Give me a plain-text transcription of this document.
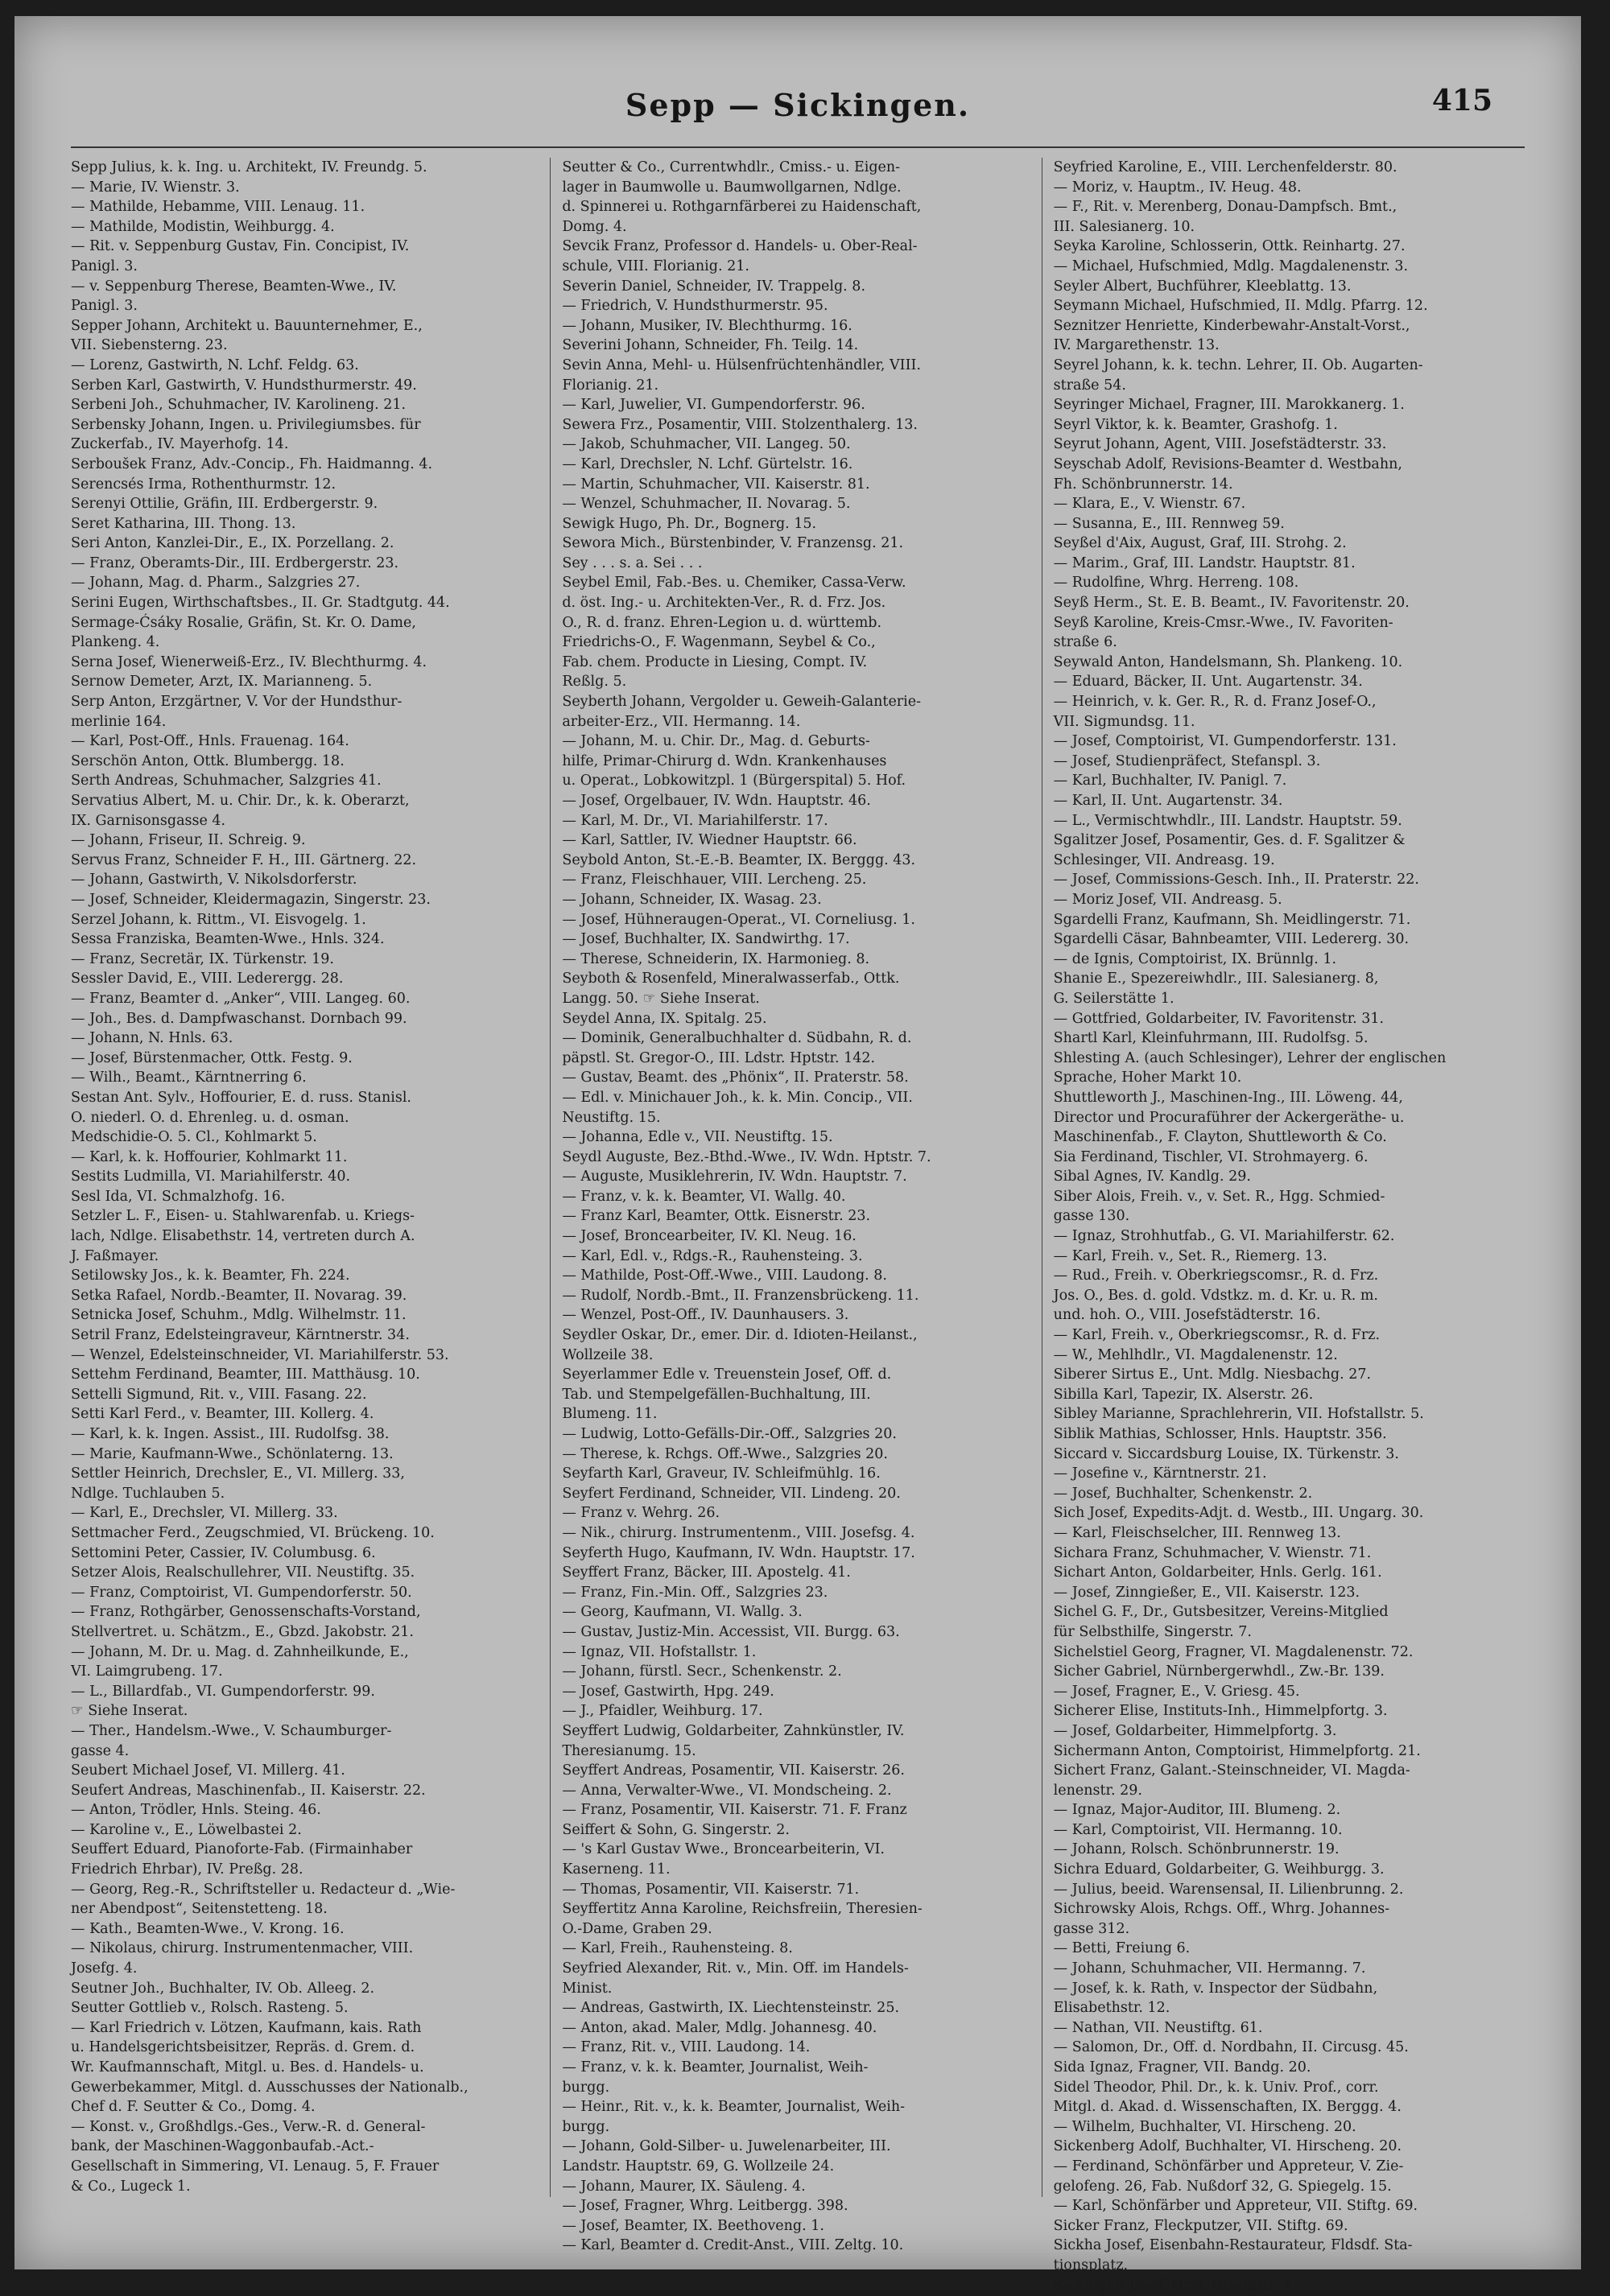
Sepp — Sickingen.	415
Sepp Julius, k. k. Ing. u. Architekt, IV. Freundg. 5.
— Marie, IV. Wienstr. 3.
— Mathilde, Hebamme, VIII. Lenaug. 11.
— Mathilde, Modistin, Weihburgg. 4.
— Rit. v. Seppenburg Gustav, Fin. Concipist, IV.
Panigl. 3.
— v. Seppenburg Therese, Beamten-Wwe., IV.
Panigl. 3.
Sepper Johann, Architekt u. Bauunternehmer, E.,
VII. Siebensterng. 23.
— Lorenz, Gastwirth, N. Lchf. Feldg. 63.
Serben Karl, Gastwirth, V. Hundsthurmerstr. 49.
Serbeni Joh., Schuhmacher, IV. Karolineng. 21.
Serbensky Johann, Ingen. u. Privilegiumsbes. für
Zuckerfab., IV. Mayerhofg. 14.
Serboušek Franz, Adv.-Concip., Fh. Haidmanng. 4.
Serencsés Irma, Rothenthurmstr. 12.
Serenyi Ottilie, Gräfin, III. Erdbergerstr. 9.
Seret Katharina, III. Thong. 13.
Seri Anton, Kanzlei-Dir., E., IX. Porzellang. 2.
— Franz, Oberamts-Dir., III. Erdbergerstr. 23.
— Johann, Mag. d. Pharm., Salzgries 27.
Serini Eugen, Wirthschaftsbes., II. Gr. Stadtgutg. 44.
Sermage-Ćsáky Rosalie, Gräfin, St. Kr. O. Dame,
Plankeng. 4.
Serna Josef, Wienerweiß-Erz., IV. Blechthurmg. 4.
Sernow Demeter, Arzt, IX. Marianneng. 5.
Serp Anton, Erzgärtner, V. Vor der Hundsthur-
merlinie 164.
— Karl, Post-Off., Hnls. Frauenag. 164.
Serschön Anton, Ottk. Blumbergg. 18.
Serth Andreas, Schuhmacher, Salzgries 41.
Servatius Albert, M. u. Chir. Dr., k. k. Oberarzt,
IX. Garnisonsgasse 4.
— Johann, Friseur, II. Schreig. 9.
Servus Franz, Schneider F. H., III. Gärtnerg. 22.
— Johann, Gastwirth, V. Nikolsdorferstr.
— Josef, Schneider, Kleidermagazin, Singerstr. 23.
Serzel Johann, k. Rittm., VI. Eisvogelg. 1.
Sessa Franziska, Beamten-Wwe., Hnls. 324.
— Franz, Secretär, IX. Türkenstr. 19.
Sessler David, E., VIII. Lederergg. 28.
— Franz, Beamter d. „Anker“, VIII. Langeg. 60.
— Joh., Bes. d. Dampfwaschanst. Dornbach 99.
— Johann, N. Hnls. 63.
— Josef, Bürstenmacher, Ottk. Festg. 9.
— Wilh., Beamt., Kärntnerring 6.
Sestan Ant. Sylv., Hoffourier, E. d. russ. Stanisl.
O. niederl. O. d. Ehrenleg. u. d. osman.
Medschidie-O. 5. Cl., Kohlmarkt 5.
— Karl, k. k. Hoffourier, Kohlmarkt 11.
Sestits Ludmilla, VI. Mariahilferstr. 40.
Sesl Ida, VI. Schmalzhofg. 16.
Setzler L. F., Eisen- u. Stahlwarenfab. u. Kriegs-
lach, Ndlge. Elisabethstr. 14, vertreten durch A.
J. Faßmayer.
Setilowsky Jos., k. k. Beamter, Fh. 224.
Setka Rafael, Nordb.-Beamter, II. Novarag. 39.
Setnicka Josef, Schuhm., Mdlg. Wilhelmstr. 11.
Setril Franz, Edelsteingraveur, Kärntnerstr. 34.
— Wenzel, Edelsteinschneider, VI. Mariahilferstr. 53.
Settehm Ferdinand, Beamter, III. Matthäusg. 10.
Settelli Sigmund, Rit. v., VIII. Fasang. 22.
Setti Karl Ferd., v. Beamter, III. Kollerg. 4.
— Karl, k. k. Ingen. Assist., III. Rudolfsg. 38.
— Marie, Kaufmann-Wwe., Schönlaterng. 13.
Settler Heinrich, Drechsler, E., VI. Millerg. 33,
Ndlge. Tuchlauben 5.
— Karl, E., Drechsler, VI. Millerg. 33.
Settmacher Ferd., Zeugschmied, VI. Brückeng. 10.
Settomini Peter, Cassier, IV. Columbusg. 6.
Setzer Alois, Realschullehrer, VII. Neustiftg. 35.
— Franz, Comptoirist, VI. Gumpendorferstr. 50.
— Franz, Rothgärber, Genossenschafts-Vorstand,
Stellvertret. u. Schätzm., E., Gbzd. Jakobstr. 21.
— Johann, M. Dr. u. Mag. d. Zahnheilkunde, E.,
VI. Laimgrubeng. 17.
— L., Billardfab., VI. Gumpendorferstr. 99.
☞ Siehe Inserat.
— Ther., Handelsm.-Wwe., V. Schaumburger-
gasse 4.
Seubert Michael Josef, VI. Millerg. 41.
Seufert Andreas, Maschinenfab., II. Kaiserstr. 22.
— Anton, Trödler, Hnls. Steing. 46.
— Karoline v., E., Löwelbastei 2.
Seuffert Eduard, Pianoforte-Fab. (Firmainhaber
Friedrich Ehrbar), IV. Preßg. 28.
— Georg, Reg.-R., Schriftsteller u. Redacteur d. „Wie-
ner Abendpost“, Seitenstetteng. 18.
— Kath., Beamten-Wwe., V. Krong. 16.
— Nikolaus, chirurg. Instrumentenmacher, VIII.
Josefg. 4.
Seutner Joh., Buchhalter, IV. Ob. Alleeg. 2.
Seutter Gottlieb v., Rolsch. Rasteng. 5.
— Karl Friedrich v. Lötzen, Kaufmann, kais. Rath
u. Handelsgerichtsbeisitzer, Repräs. d. Grem. d.
Wr. Kaufmannschaft, Mitgl. u. Bes. d. Handels- u.
Gewerbekammer, Mitgl. d. Ausschusses der Nationalb.,
Chef d. F. Seutter & Co., Domg. 4.
— Konst. v., Großhdlgs.-Ges., Verw.-R. d. General-
bank, der Maschinen-Waggonbaufab.-Act.-
Gesellschaft in Simmering, VI. Lenaug. 5, F. Frauer
& Co., Lugeck 1.
Seutter & Co., Currentwhdlr., Cmiss.- u. Eigen-
lager in Baumwolle u. Baumwollgarnen, Ndlge.
d. Spinnerei u. Rothgarnfärberei zu Haidenschaft,
Domg. 4.
Sevcik Franz, Professor d. Handels- u. Ober-Real-
schule, VIII. Florianig. 21.
Severin Daniel, Schneider, IV. Trappelg. 8.
— Friedrich, V. Hundsthurmerstr. 95.
— Johann, Musiker, IV. Blechthurmg. 16.
Severini Johann, Schneider, Fh. Teilg. 14.
Sevin Anna, Mehl- u. Hülsenfrüchtenhändler, VIII.
Florianig. 21.
— Karl, Juwelier, VI. Gumpendorferstr. 96.
Sewera Frz., Posamentir, VIII. Stolzenthalerg. 13.
— Jakob, Schuhmacher, VII. Langeg. 50.
— Karl, Drechsler, N. Lchf. Gürtelstr. 16.
— Martin, Schuhmacher, VII. Kaiserstr. 81.
— Wenzel, Schuhmacher, II. Novarag. 5.
Sewigk Hugo, Ph. Dr., Bognerg. 15.
Sewora Mich., Bürstenbinder, V. Franzensg. 21.
Sey . . . s. a. Sei . . .
Seybel Emil, Fab.-Bes. u. Chemiker, Cassa-Verw.
d. öst. Ing.- u. Architekten-Ver., R. d. Frz. Jos.
O., R. d. franz. Ehren-Legion u. d. württemb.
Friedrichs-O., F. Wagenmann, Seybel & Co.,
Fab. chem. Producte in Liesing, Compt. IV.
Reßlg. 5.
Seyberth Johann, Vergolder u. Geweih-Galanterie-
arbeiter-Erz., VII. Hermanng. 14.
— Johann, M. u. Chir. Dr., Mag. d. Geburts-
hilfe, Primar-Chirurg d. Wdn. Krankenhauses
u. Operat., Lobkowitzpl. 1 (Bürgerspital) 5. Hof.
— Josef, Orgelbauer, IV. Wdn. Hauptstr. 46.
— Karl, M. Dr., VI. Mariahilferstr. 17.
— Karl, Sattler, IV. Wiedner Hauptstr. 66.
Seybold Anton, St.-E.-B. Beamter, IX. Berggg. 43.
— Franz, Fleischhauer, VIII. Lercheng. 25.
— Johann, Schneider, IX. Wasag. 23.
— Josef, Hühneraugen-Operat., VI. Corneliusg. 1.
— Josef, Buchhalter, IX. Sandwirthg. 17.
— Therese, Schneiderin, IX. Harmonieg. 8.
Seyboth & Rosenfeld, Mineralwasserfab., Ottk.
Langg. 50. ☞ Siehe Inserat.
Seydel Anna, IX. Spitalg. 25.
— Dominik, Generalbuchhalter d. Südbahn, R. d.
päpstl. St. Gregor-O., III. Ldstr. Hptstr. 142.
— Gustav, Beamt. des „Phönix“, II. Praterstr. 58.
— Edl. v. Minichauer Joh., k. k. Min. Concip., VII.
Neustiftg. 15.
— Johanna, Edle v., VII. Neustiftg. 15.
Seydl Auguste, Bez.-Bthd.-Wwe., IV. Wdn. Hptstr. 7.
— Auguste, Musiklehrerin, IV. Wdn. Hauptstr. 7.
— Franz, v. k. k. Beamter, VI. Wallg. 40.
— Franz Karl, Beamter, Ottk. Eisnerstr. 23.
— Josef, Broncearbeiter, IV. Kl. Neug. 16.
— Karl, Edl. v., Rdgs.-R., Rauhensteing. 3.
— Mathilde, Post-Off.-Wwe., VIII. Laudong. 8.
— Rudolf, Nordb.-Bmt., II. Franzensbrückeng. 11.
— Wenzel, Post-Off., IV. Daunhausers. 3.
Seydler Oskar, Dr., emer. Dir. d. Idioten-Heilanst.,
Wollzeile 38.
Seyerlammer Edle v. Treuenstein Josef, Off. d.
Tab. und Stempelgefällen-Buchhaltung, III.
Blumeng. 11.
— Ludwig, Lotto-Gefälls-Dir.-Off., Salzgries 20.
— Therese, k. Rchgs. Off.-Wwe., Salzgries 20.
Seyfarth Karl, Graveur, IV. Schleifmühlg. 16.
Seyfert Ferdinand, Schneider, VII. Lindeng. 20.
— Franz v. Wehrg. 26.
— Nik., chirurg. Instrumentenm., VIII. Josefsg. 4.
Seyferth Hugo, Kaufmann, IV. Wdn. Hauptstr. 17.
Seyffert Franz, Bäcker, III. Apostelg. 41.
— Franz, Fin.-Min. Off., Salzgries 23.
— Georg, Kaufmann, VI. Wallg. 3.
— Gustav, Justiz-Min. Accessist, VII. Burgg. 63.
— Ignaz, VII. Hofstallstr. 1.
— Johann, fürstl. Secr., Schenkenstr. 2.
— Josef, Gastwirth, Hpg. 249.
— J., Pfaidler, Weihburg. 17.
Seyffert Ludwig, Goldarbeiter, Zahnkünstler, IV.
Theresianumg. 15.
Seyffert Andreas, Posamentir, VII. Kaiserstr. 26.
— Anna, Verwalter-Wwe., VI. Mondscheing. 2.
— Franz, Posamentir, VII. Kaiserstr. 71. F. Franz
Seiffert & Sohn, G. Singerstr. 2.
— 's Karl Gustav Wwe., Broncearbeiterin, VI.
Kaserneng. 11.
— Thomas, Posamentir, VII. Kaiserstr. 71.
Seyffertitz Anna Karoline, Reichsfreiin, Theresien-
O.-Dame, Graben 29.
— Karl, Freih., Rauhensteing. 8.
Seyfried Alexander, Rit. v., Min. Off. im Handels-
Minist.
— Andreas, Gastwirth, IX. Liechtensteinstr. 25.
— Anton, akad. Maler, Mdlg. Johannesg. 40.
— Franz, Rit. v., VIII. Laudong. 14.
— Franz, v. k. k. Beamter, Journalist, Weih-
burgg.
— Heinr., Rit. v., k. k. Beamter, Journalist, Weih-
burgg.
— Johann, Gold-Silber- u. Juwelenarbeiter, III.
Landstr. Hauptstr. 69, G. Wollzeile 24.
— Johann, Maurer, IX. Säuleng. 4.
— Josef, Fragner, Whrg. Leitbergg. 398.
— Josef, Beamter, IX. Beethoveng. 1.
— Karl, Beamter d. Credit-Anst., VIII. Zeltg. 10.
Seyfried Karoline, E., VIII. Lerchenfelderstr. 80.
— Moriz, v. Hauptm., IV. Heug. 48.
— F., Rit. v. Merenberg, Donau-Dampfsch. Bmt.,
III. Salesianerg. 10.
Seyka Karoline, Schlosserin, Ottk. Reinhartg. 27.
— Michael, Hufschmied, Mdlg. Magdalenenstr. 3.
Seyler Albert, Buchführer, Kleeblattg. 13.
Seymann Michael, Hufschmied, II. Mdlg. Pfarrg. 12.
Seznitzer Henriette, Kinderbewahr-Anstalt-Vorst.,
IV. Margarethenstr. 13.
Seyrel Johann, k. k. techn. Lehrer, II. Ob. Augarten-
straße 54.
Seyringer Michael, Fragner, III. Marokkanerg. 1.
Seyrl Viktor, k. k. Beamter, Grashofg. 1.
Seyrut Johann, Agent, VIII. Josefstädterstr. 33.
Seyschab Adolf, Revisions-Beamter d. Westbahn,
Fh. Schönbrunnerstr. 14.
— Klara, E., V. Wienstr. 67.
— Susanna, E., III. Rennweg 59.
Seyßel d'Aix, August, Graf, III. Strohg. 2.
— Marim., Graf, III. Landstr. Hauptstr. 81.
— Rudolfine, Whrg. Herreng. 108.
Seyß Herm., St. E. B. Beamt., IV. Favoritenstr. 20.
Seyß Karoline, Kreis-Cmsr.-Wwe., IV. Favoriten-
straße 6.
Seywald Anton, Handelsmann, Sh. Plankeng. 10.
— Eduard, Bäcker, II. Unt. Augartenstr. 34.
— Heinrich, v. k. Ger. R., R. d. Franz Josef-O.,
VII. Sigmundsg. 11.
— Josef, Comptoirist, VI. Gumpendorferstr. 131.
— Josef, Studienpräfect, Stefanspl. 3.
— Karl, Buchhalter, IV. Panigl. 7.
— Karl, II. Unt. Augartenstr. 34.
— L., Vermischtwhdlr., III. Landstr. Hauptstr. 59.
Sgalitzer Josef, Posamentir, Ges. d. F. Sgalitzer &
Schlesinger, VII. Andreasg. 19.
— Josef, Commissions-Gesch. Inh., II. Praterstr. 22.
— Moriz Josef, VII. Andreasg. 5.
Sgardelli Franz, Kaufmann, Sh. Meidlingerstr. 71.
Sgardelli Cäsar, Bahnbeamter, VIII. Ledererg. 30.
— de Ignis, Comptoirist, IX. Brünnlg. 1.
Shanie E., Spezereiwhdlr., III. Salesianerg. 8,
G. Seilerstätte 1.
— Gottfried, Goldarbeiter, IV. Favoritenstr. 31.
Shartl Karl, Kleinfuhrmann, III. Rudolfsg. 5.
Shlesting A. (auch Schlesinger), Lehrer der englischen
Sprache, Hoher Markt 10.
Shuttleworth J., Maschinen-Ing., III. Löweng. 44,
Director und Procuraführer der Ackergeräthe- u.
Maschinenfab., F. Clayton, Shuttleworth & Co.
Sia Ferdinand, Tischler, VI. Strohmayerg. 6.
Sibal Agnes, IV. Kandlg. 29.
Siber Alois, Freih. v., v. Set. R., Hgg. Schmied-
gasse 130.
— Ignaz, Strohhutfab., G. VI. Mariahilferstr. 62.
— Karl, Freih. v., Set. R., Riemerg. 13.
— Rud., Freih. v. Oberkriegscomsr., R. d. Frz.
Jos. O., Bes. d. gold. Vdstkz. m. d. Kr. u. R. m.
und. hoh. O., VIII. Josefstädterstr. 16.
— Karl, Freih. v., Oberkriegscomsr., R. d. Frz.
— W., Mehlhdlr., VI. Magdalenenstr. 12.
Siberer Sirtus E., Unt. Mdlg. Niesbachg. 27.
Sibilla Karl, Tapezir, IX. Alserstr. 26.
Sibley Marianne, Sprachlehrerin, VII. Hofstallstr. 5.
Siblik Mathias, Schlosser, Hnls. Hauptstr. 356.
Siccard v. Siccardsburg Louise, IX. Türkenstr. 3.
— Josefine v., Kärntnerstr. 21.
— Josef, Buchhalter, Schenkenstr. 2.
Sich Josef, Expedits-Adjt. d. Westb., III. Ungarg. 30.
— Karl, Fleischselcher, III. Rennweg 13.
Sichara Franz, Schuhmacher, V. Wienstr. 71.
Sichart Anton, Goldarbeiter, Hnls. Gerlg. 161.
— Josef, Zinngießer, E., VII. Kaiserstr. 123.
Sichel G. F., Dr., Gutsbesitzer, Vereins-Mitglied
für Selbsthilfe, Singerstr. 7.
Sichelstiel Georg, Fragner, VI. Magdalenenstr. 72.
Sicher Gabriel, Nürnbergerwhdl., Zw.-Br. 139.
— Josef, Fragner, E., V. Griesg. 45.
Sicherer Elise, Instituts-Inh., Himmelpfortg. 3.
— Josef, Goldarbeiter, Himmelpfortg. 3.
Sichermann Anton, Comptoirist, Himmelpfortg. 21.
Sichert Franz, Galant.-Steinschneider, VI. Magda-
lenenstr. 29.
— Ignaz, Major-Auditor, III. Blumeng. 2.
— Karl, Comptoirist, VII. Hermanng. 10.
— Johann, Rolsch. Schönbrunnerstr. 19.
Sichra Eduard, Goldarbeiter, G. Weihburgg. 3.
— Julius, beeid. Warensensal, II. Lilienbrunng. 2.
Sichrowsky Alois, Rchgs. Off., Whrg. Johannes-
gasse 312.
— Betti, Freiung 6.
— Johann, Schuhmacher, VII. Hermanng. 7.
— Josef, k. k. Rath, v. Inspector der Südbahn,
Elisabethstr. 12.
— Nathan, VII. Neustiftg. 61.
— Salomon, Dr., Off. d. Nordbahn, II. Circusg. 45.
Sida Ignaz, Fragner, VII. Bandg. 20.
Sidel Theodor, Phil. Dr., k. k. Univ. Prof., corr.
Mitgl. d. Akad. d. Wissenschaften, IX. Berggg. 4.
— Wilhelm, Buchhalter, VI. Hirscheng. 20.
Sickenberg Adolf, Buchhalter, VI. Hirscheng. 20.
— Ferdinand, Schönfärber und Appreteur, V. Zie-
gelofeng. 26, Fab. Nußdorf 32, G. Spiegelg. 15.
— Karl, Schönfärber und Appreteur, VII. Stiftg. 69.
Sicker Franz, Fleckputzer, VII. Stiftg. 69.
Sickha Josef, Eisenbahn-Restaurateur, Fldsdf. Sta-
tionsplatz.
Sickingen Josef, Graf, Giselastr. 1.
